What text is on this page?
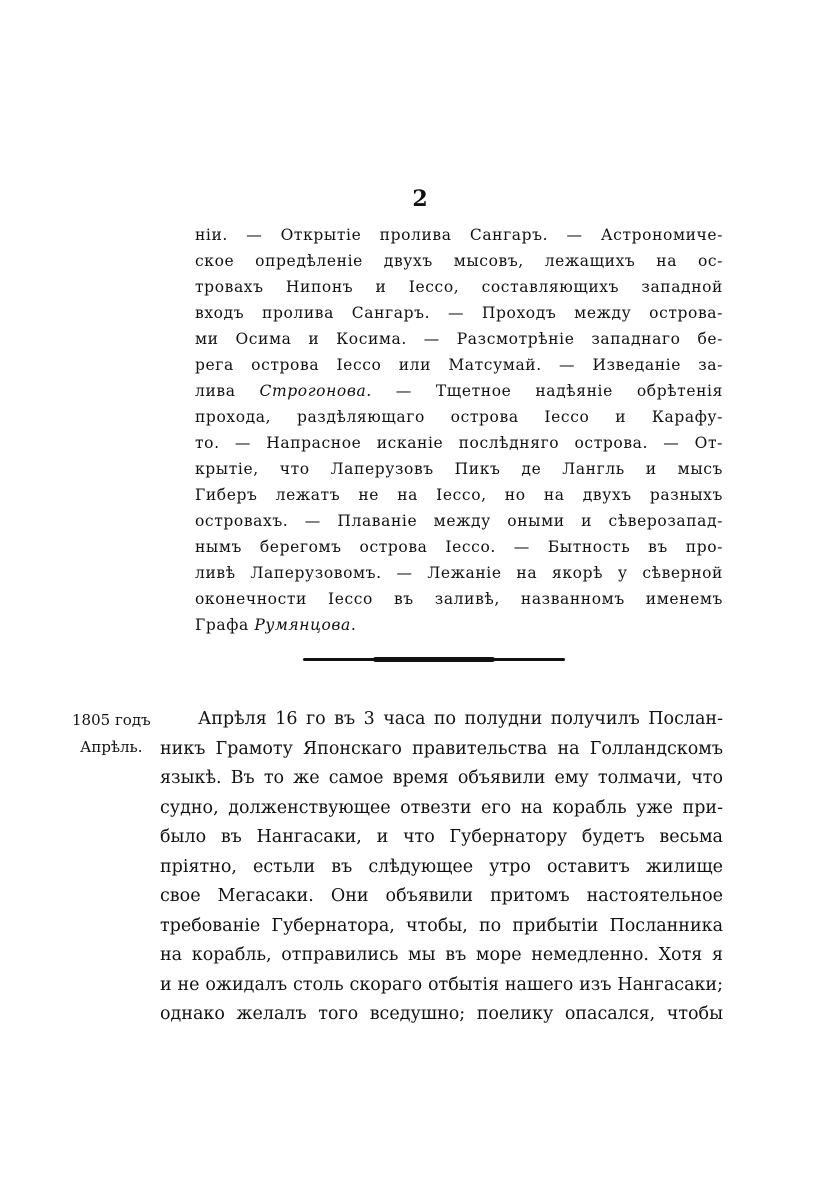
2
ніи. — Открытіе пролива Сангаръ. — Астрономиче-
ское опредѣленіе двухъ мысовъ, лежащихъ на ос-
тровахъ Нипонъ и Іессо, составляющихъ западной
входъ пролива Сангаръ. — Проходъ между острова-
ми Осима и Косима. — Разсмотрѣніе западнаго бе-
рега острова Іессо или Матсумай. — Изведаніе за-
лива Строгонова. — Тщетное надѣяніе обрѣтенія
прохода, раздѣляющаго острова Іессо и Карафу-
то. — Напрасное исканіе послѣдняго острова. — От-
крытіе, что Лаперузовъ Пикъ де Лангль и мысъ
Гиберъ лежатъ не на Іессо, но на двухъ разныхъ
островахъ. — Плаваніе между оными и сѣверозапад-
нымъ берегомъ острова Іессо. — Бытность въ про-
ливѣ Лаперузовомъ. — Лежаніе на якорѣ у сѣверной
оконечности Іессо въ заливѣ, названномъ именемъ
Графа Румянцова.
1805 годъ
Апрѣль.
Апрѣля 16 го въ 3 часа по полудни получилъ Послан-
никъ Грамоту Японскаго правительства на Голландскомъ
языкѣ. Въ то же самое время объявили ему толмачи, что
судно, долженствующее отвезти его на корабль уже при-
было въ Нангасаки, и что Губернатору будетъ весьма
пріятно, естьли въ слѣдующее утро оставитъ жилище
свое Мегасаки. Они объявили притомъ настоятельное
требованіе Губернатора, чтобы, по прибытіи Посланника
на корабль, отправились мы въ море немедленно. Хотя я
и не ожидалъ столь скораго отбытія нашего изъ Нангасаки;
однако желалъ того вседушно; поелику опасался, чтобы
